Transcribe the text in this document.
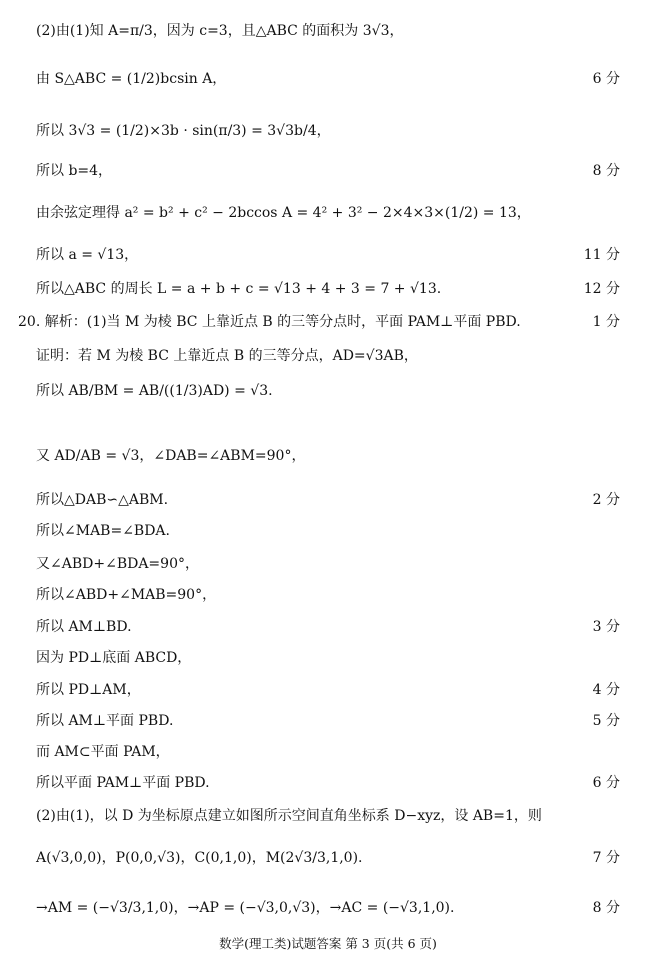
(2)由(1)知 A=π/3，因为 c=3，且△ABC 的面积为 3√3，
由 S△ABC = (1/2)bcsin A，	6 分
所以 3√3 = (1/2)×3b · sin(π/3) = 3√3b/4，
所以 b=4，	8 分
由余弦定理得 a² = b² + c² − 2bccos A = 4² + 3² − 2×4×3×(1/2) = 13，
所以 a = √13，	11 分
所以△ABC 的周长 L = a + b + c = √13 + 4 + 3 = 7 + √13.	12 分
20. 解析：(1)当 M 为棱 BC 上靠近点 B 的三等分点时，平面 PAM⊥平面 PBD.	1 分
证明：若 M 为棱 BC 上靠近点 B 的三等分点，AD=√3AB，
所以 AB/BM = AB/((1/3)AD) = √3.
又 AD/AB = √3，∠DAB=∠ABM=90°，
所以△DAB∽△ABM.	2 分
所以∠MAB=∠BDA.
又∠ABD+∠BDA=90°，
所以∠ABD+∠MAB=90°，
所以 AM⊥BD.	3 分
因为 PD⊥底面 ABCD，
所以 PD⊥AM，	4 分
所以 AM⊥平面 PBD.	5 分
而 AM⊂平面 PAM，
所以平面 PAM⊥平面 PBD.	6 分
(2)由(1)，以 D 为坐标原点建立如图所示空间直角坐标系 D−xyz，设 AB=1，则
A(√3,0,0)，P(0,0,√3)，C(0,1,0)，M(2√3/3,1,0).	7 分
→AM = (−√3/3,1,0)，→AP = (−√3,0,√3)，→AC = (−√3,1,0).	8 分
数学(理工类)试题答案 第 3 页(共 6 页)
